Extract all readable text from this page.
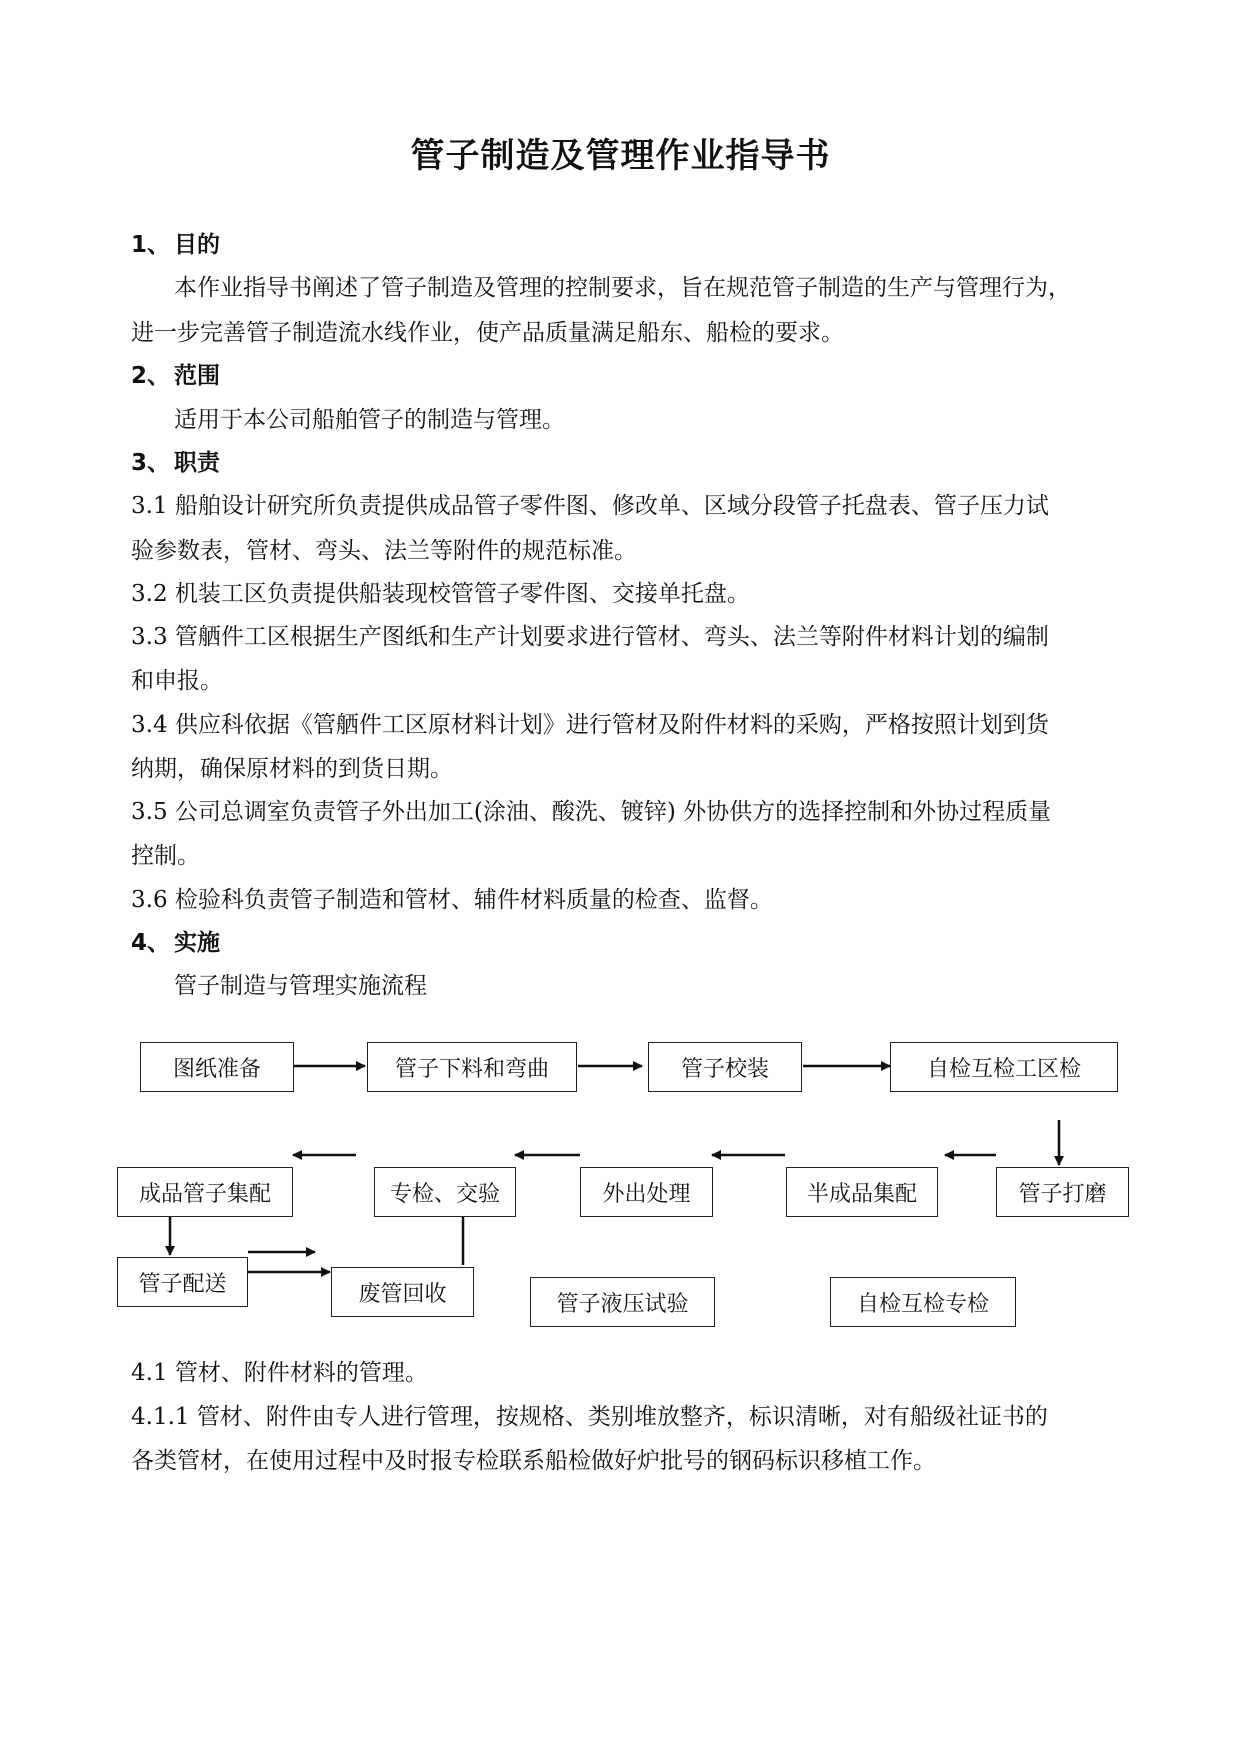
管子制造及管理作业指导书
1、 目的
本作业指导书阐述了管子制造及管理的控制要求，旨在规范管子制造的生产与管理行为，
进一步完善管子制造流水线作业，使产品质量满足船东、船检的要求。
2、 范围
适用于本公司船舶管子的制造与管理。
3、 职责
3.1 船舶设计研究所负责提供成品管子零件图、修改单、区域分段管子托盘表、管子压力试
验参数表，管材、弯头、法兰等附件的规范标准。
3.2 机装工区负责提供船装现校管管子零件图、交接单托盘。
3.3 管舾件工区根据生产图纸和生产计划要求进行管材、弯头、法兰等附件材料计划的编制
和申报。
3.4 供应科依据《管舾件工区原材料计划》进行管材及附件材料的采购，严格按照计划到货
纳期，确保原材料的到货日期。
3.5 公司总调室负责管子外出加工(涂油、酸洗、镀锌) 外协供方的选择控制和外协过程质量
控制。
3.6 检验科负责管子制造和管材、辅件材料质量的检查、监督。
4、 实施
管子制造与管理实施流程
图纸准备	管子下料和弯曲	管子校装	自检互检工区检
管子打磨
半成品集配
外出处理
专检、交验
成品管子集配
管子配送	废管回收	管子液压试验	自检互检专检
4.1 管材、附件材料的管理。
4.1.1 管材、附件由专人进行管理，按规格、类别堆放整齐，标识清晰，对有船级社证书的
各类管材，在使用过程中及时报专检联系船检做好炉批号的钢码标识移植工作。
